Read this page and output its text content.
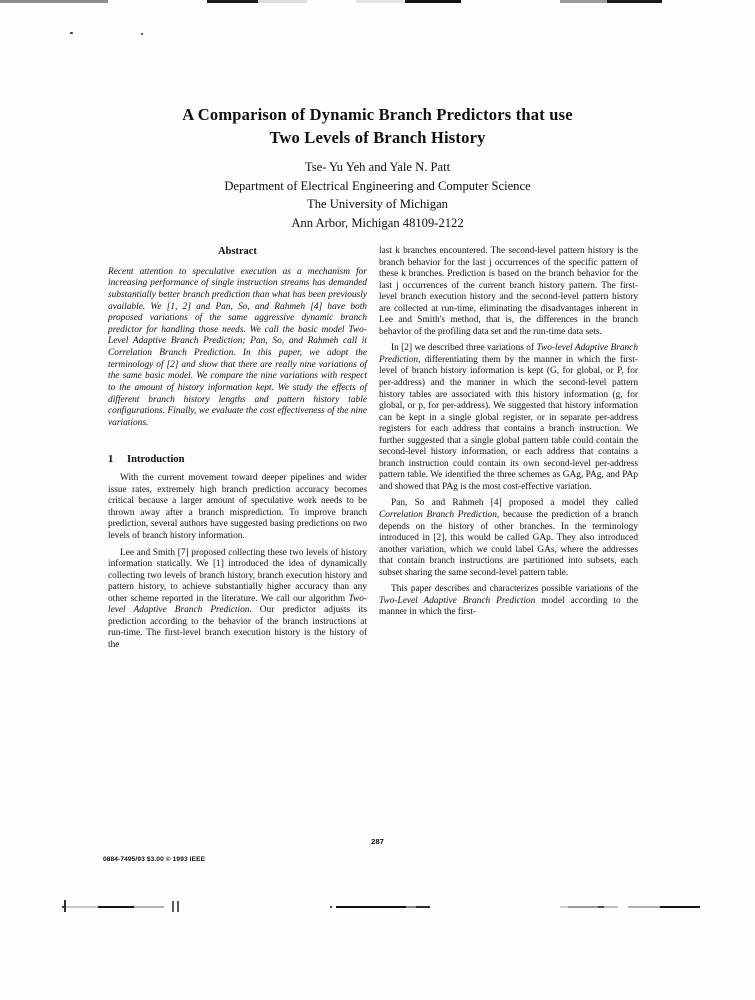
A Comparison of Dynamic Branch Predictors that use
Two Levels of Branch History
Tse- Yu Yeh and Yale N. Patt
Department of Electrical Engineering and Computer Science
The University of Michigan
Ann Arbor, Michigan 48109-2122
Abstract

Recent attention to speculative execution as a mechanism for increasing performance of single instruction streams has demanded substantially better branch prediction than what has been previously available. We [1, 2] and Pan, So, and Rahmeh [4] have both proposed variations of the same aggressive dynamic branch predictor for handling those needs. We call the basic model Two-Level Adaptive Branch Prediction; Pan, So, and Rahmeh call it Correlation Branch Prediction. In this paper, we adopt the terminology of [2] and show that there are really nine variations of the same basic model. We compare the nine variations with respect to the amount of history information kept. We study the effects of different branch history lengths and pattern history table configurations. Finally, we evaluate the cost effectiveness of the nine variations.

1 Introduction

With the current movement toward deeper pipelines and wider issue rates, extremely high branch prediction accuracy becomes critical because a larger amount of speculative work needs to be thrown away after a branch misprediction. To improve branch prediction, several authors have suggested basing predictions on two levels of branch history information.

Lee and Smith [7] proposed collecting these two levels of history information statically. We [1] introduced the idea of dynamically collecting two levels of branch history, branch execution history and pattern history, to achieve substantially higher accuracy than any other scheme reported in the literature. We call our algorithm Two-level Adaptive Branch Prediction. Our predictor adjusts its prediction according to the behavior of the branch instructions at run-time. The first-level branch execution history is the history of the

last k branches encountered. The second-level pattern history is the branch behavior for the last j occurrences of the specific pattern of these k branches. Prediction is based on the branch behavior for the last j occurrences of the current branch history pattern. The first-level branch execution history and the second-level pattern history are collected at run-time, eliminating the disadvantages inherent in Lee and Smith's method, that is, the differences in the branch behavior of the profiling data set and the run-time data sets.

In [2] we described three variations of Two-level Adaptive Branch Prediction, differentiating them by the manner in which the first-level of branch history information is kept (G, for global, or P, for per-address) and the manner in which the second-level pattern history tables are associated with this history information (g, for global, or p, for per-address). We suggested that history information can be kept in a single global register, or in separate per-address registers for each address that contains a branch instruction. We further suggested that a single global pattern table could contain the second-level history information, or each address that contains a branch instruction could contain its own second-level per-address pattern table. We identified the three schemes as GAg, PAg, and PAp and showed that PAg is the most cost-effective variation.

Pan, So and Rahmeh [4] proposed a model they called Correlation Branch Prediction, because the prediction of a branch depends on the history of other branches. In the terminology introduced in [2], this would be called GAp. They also introduced another variation, which we could label GAs, where the addresses that contain branch instructions are partitioned into subsets, each subset sharing the same second-level pattern table.

This paper describes and characterizes possible variations of the Two-Level Adaptive Branch Prediction model according to the manner in which the first-

287
0884-7495/93 $3.00 © 1993 IEEE
